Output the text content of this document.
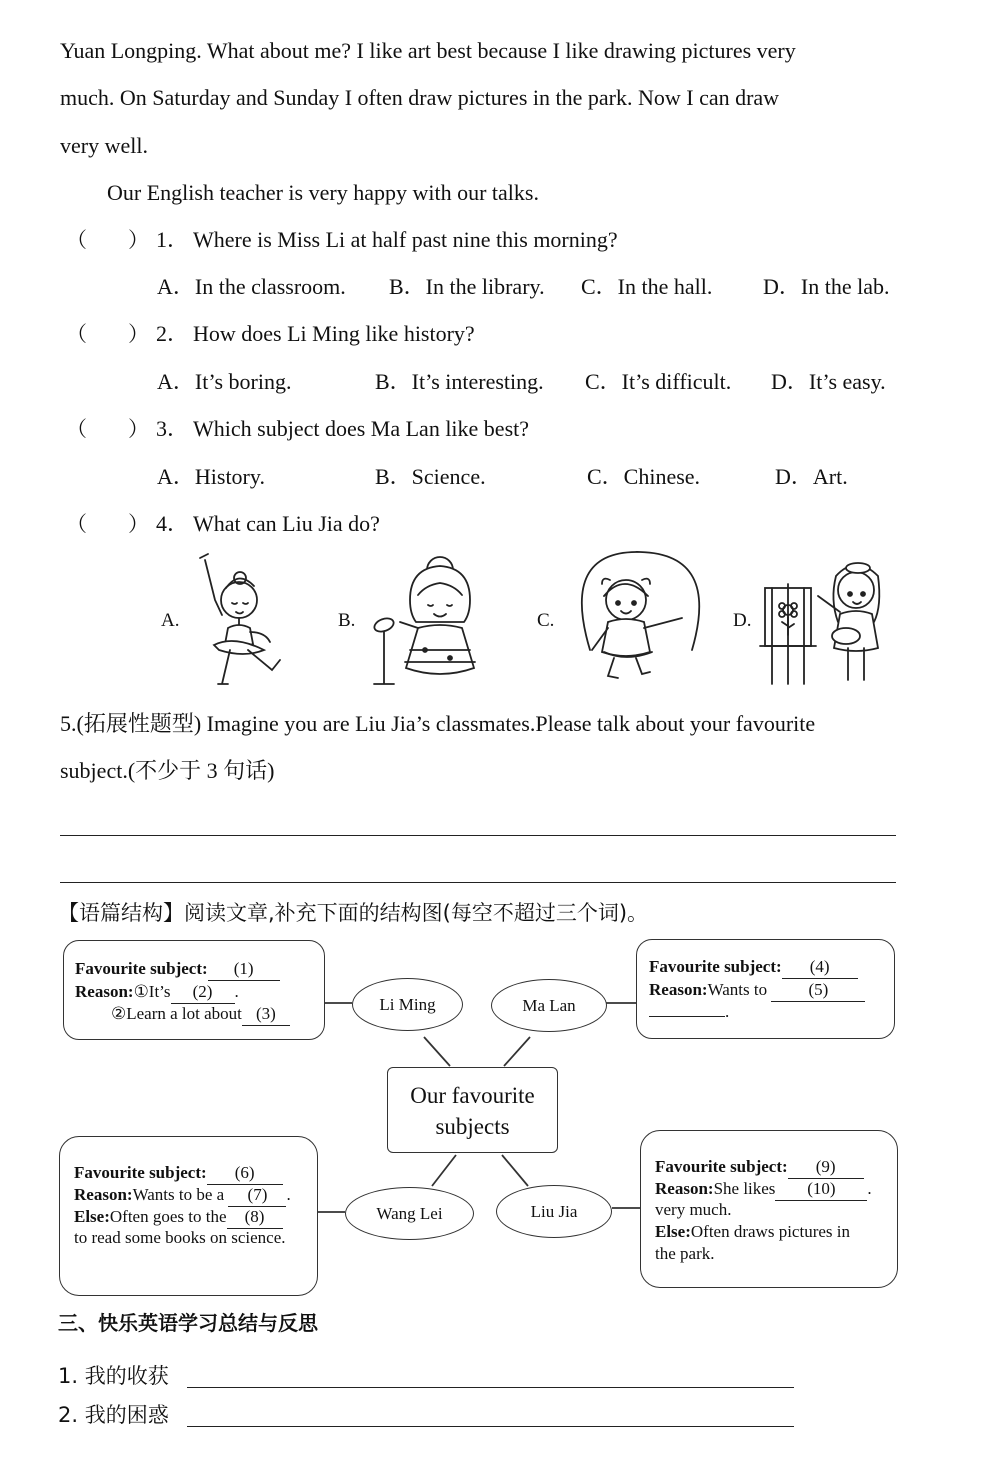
Yuan Longping. What about me? I like art best because I like drawing pictures very
much. On Saturday and Sunday I often draw pictures in the park. Now I can draw
very well.
Our English teacher is very happy with our talks.
（ ） 1． Where is Miss Li at half past nine this morning?
A．In the classroom. B．In the library. C．In the hall. D．In the lab.
（ ） 2． How does Li Ming like history?
A．It’s boring.	B．It’s interesting. C．It’s difficult. D．It’s easy.
（ ） 3． Which subject does Ma Lan like best?
A．History.	B．Science.	C．Chinese.	D．Art.
（ ） 4． What can Liu Jia do?
A.	B.	C.	D.
5.(拓展性题型) Imagine you are Liu Jia’s classmates.Please talk about your favourite
subject.(不少于 3 句话)
【语篇结构】阅读文章,补充下面的结构图(每空不超过三个词)。
Our favourite
subjects
Li Ming	Ma Lan
Wang Lei	Liu Jia
Favourite subject: (1)
Reason:①It’s (2) .
②Learn a lot about (3)
Favourite subject: (4)
Reason:Wants to (5)
.
Favourite subject: (6)
Reason:Wants to be a (7) .
Else:Often goes to the (8)
to read some books on science.
Favourite subject: (9)
Reason:She likes (10) .
very much.
Else:Often draws pictures in
the park.
三、快乐英语学习总结与反思
1. 我的收获
2. 我的困惑
